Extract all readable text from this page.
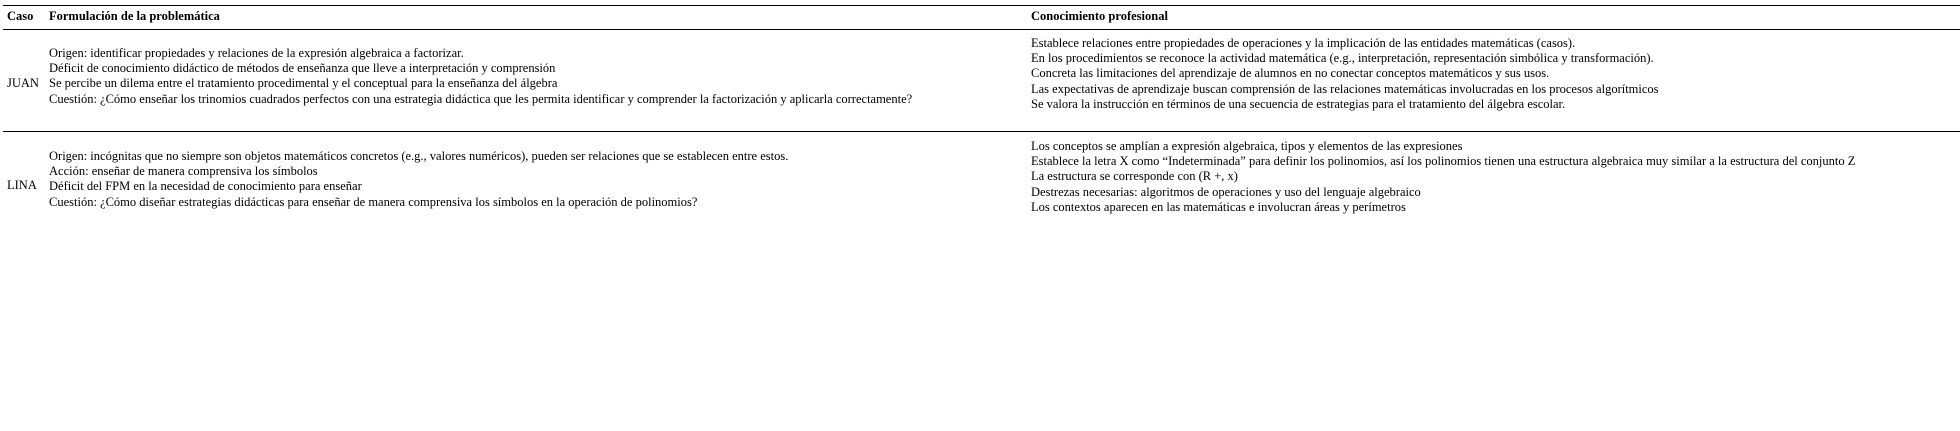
Caso Formulación de la problemática	Conocimiento profesional
JUAN
Origen: identificar propiedades y relaciones de la expresión algebraica a factorizar.
Déficit de conocimiento didáctico de métodos de enseñanza que lleve a interpretación y comprensión
Se percibe un dilema entre el tratamiento procedimental y el conceptual para la enseñanza del álgebra
Cuestión: ¿Cómo enseñar los trinomios cuadrados perfectos con una estrategia didáctica que les permita identificar y comprender la factorización y aplicarla correctamente?
Establece relaciones entre propiedades de operaciones y la implicación de las entidades matemáticas (casos).
En los procedimientos se reconoce la actividad matemática (e.g., interpretación, representación simbólica y transformación).
Concreta las limitaciones del aprendizaje de alumnos en no conectar conceptos matemáticos y sus usos.
Las expectativas de aprendizaje buscan comprensión de las relaciones matemáticas involucradas en los procesos algorítmicos
Se valora la instrucción en términos de una secuencia de estrategias para el tratamiento del álgebra escolar.
LINA
Origen: incógnitas que no siempre son objetos matemáticos concretos (e.g., valores numéricos), pueden ser relaciones que se establecen entre estos.
Acción: enseñar de manera comprensiva los símbolos
Déficit del FPM en la necesidad de conocimiento para enseñar
Cuestión: ¿Cómo diseñar estrategias didácticas para enseñar de manera comprensiva los símbolos en la operación de polinomios?
Los conceptos se amplían a expresión algebraica, tipos y elementos de las expresiones
Establece la letra X como “Indeterminada” para definir los polinomios, así los polinomios tienen una estructura algebraica muy similar a la estructura del conjunto Z
La estructura se corresponde con (R +, x)
Destrezas necesarias: algoritmos de operaciones y uso del lenguaje algebraico
Los contextos aparecen en las matemáticas e involucran áreas y perímetros
